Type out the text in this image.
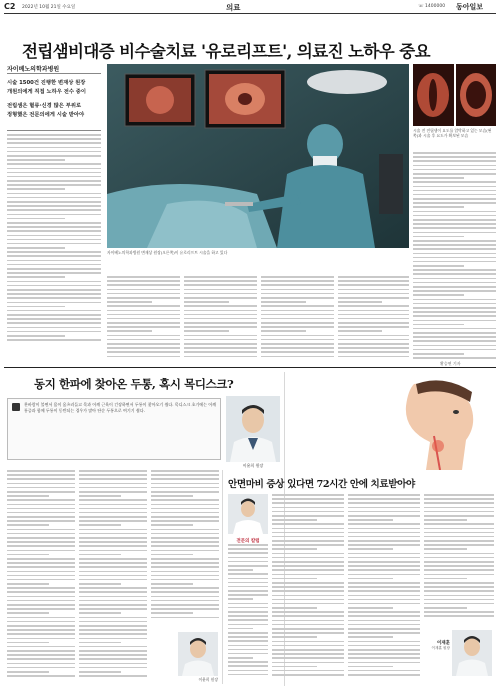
C2 2022년 10월 21일 수요일	의료	☏ 1400000 동아일보
전립샘비대증 비수술치료 '유로리프트', 의료진 노하우 중요
자이베노의학과병원
시술 1500건 진행한 변재상 원장
개원의에게 직접 노하우 전수 중이
전립샘은 혈류·신경 많은 부위로
정형했은 전문의에게 시술 받아야
자이베노의학과병원 변재상 원장(오른쪽)이 유로리프트 시술을 하고 있다
시술 전 전립샘이 요도를 압박하고 있는 모습(왼쪽)과 시술 후 요도가 확보된 모습
황승연 기자
동지 한파에 찾아온 두통, 혹시 목디스크?
찬바람이 불면서 몸이 움츠러들고 목과 어깨 근육이 긴장하면서 두통이 찾아오기 쉽다. 목디스크 초기에는 어깨 통증과 함께 두통이 동반되는 경우가 많아 단순 두통으로 여기기 쉽다.
이윤희 원장
이윤희 원장
안면마비 증상 있다면 72시간 안에 치료받아야
전문의 칼럼
이재훈
이재훈 원장
